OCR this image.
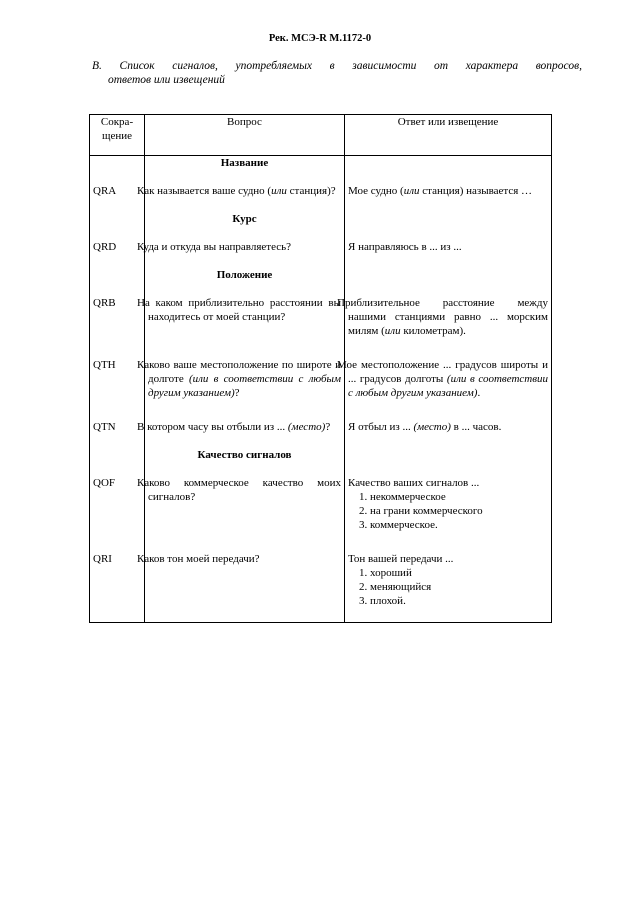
Рек. МСЭ-R M.1172-0
B. Список сигналов, употребляемых в зависимости от характера вопросов,
ответов или извещений
Сокра-щение	Вопрос	Ответ или извещение
	Название	
QRA	Как называется ваше судно (или станция)?	Мое судно (или станция) называется …
	Курс	
QRD	Куда и откуда вы направляетесь?	Я направляюсь в ... из ...
	Положение	
QRB	На каком приблизительно расстоянии вы находитесь от моей станции?	Приблизительное расстояние между нашими станциями равно ... морским милям (или километрам).
QTH	Каково ваше местоположение по широте и долготе (или в соответствии с любым другим указанием)?	Мое местоположение ... градусов широты и ... градусов долготы (или в соответствии с любым другим указанием).
QTN	В котором часу вы отбыли из ... (место)?	Я отбыл из ... (место) в ... часов.
	Качество сигналов	
QOF	Каково коммерческое качество моих сигналов?	Качество ваших сигналов ...
1. некоммерческое
2. на грани коммерческого
3. коммерческое.

QRI	Каков тон моей передачи?	Тон вашей передачи ...
1. хороший
2. меняющийся
3. плохой.
